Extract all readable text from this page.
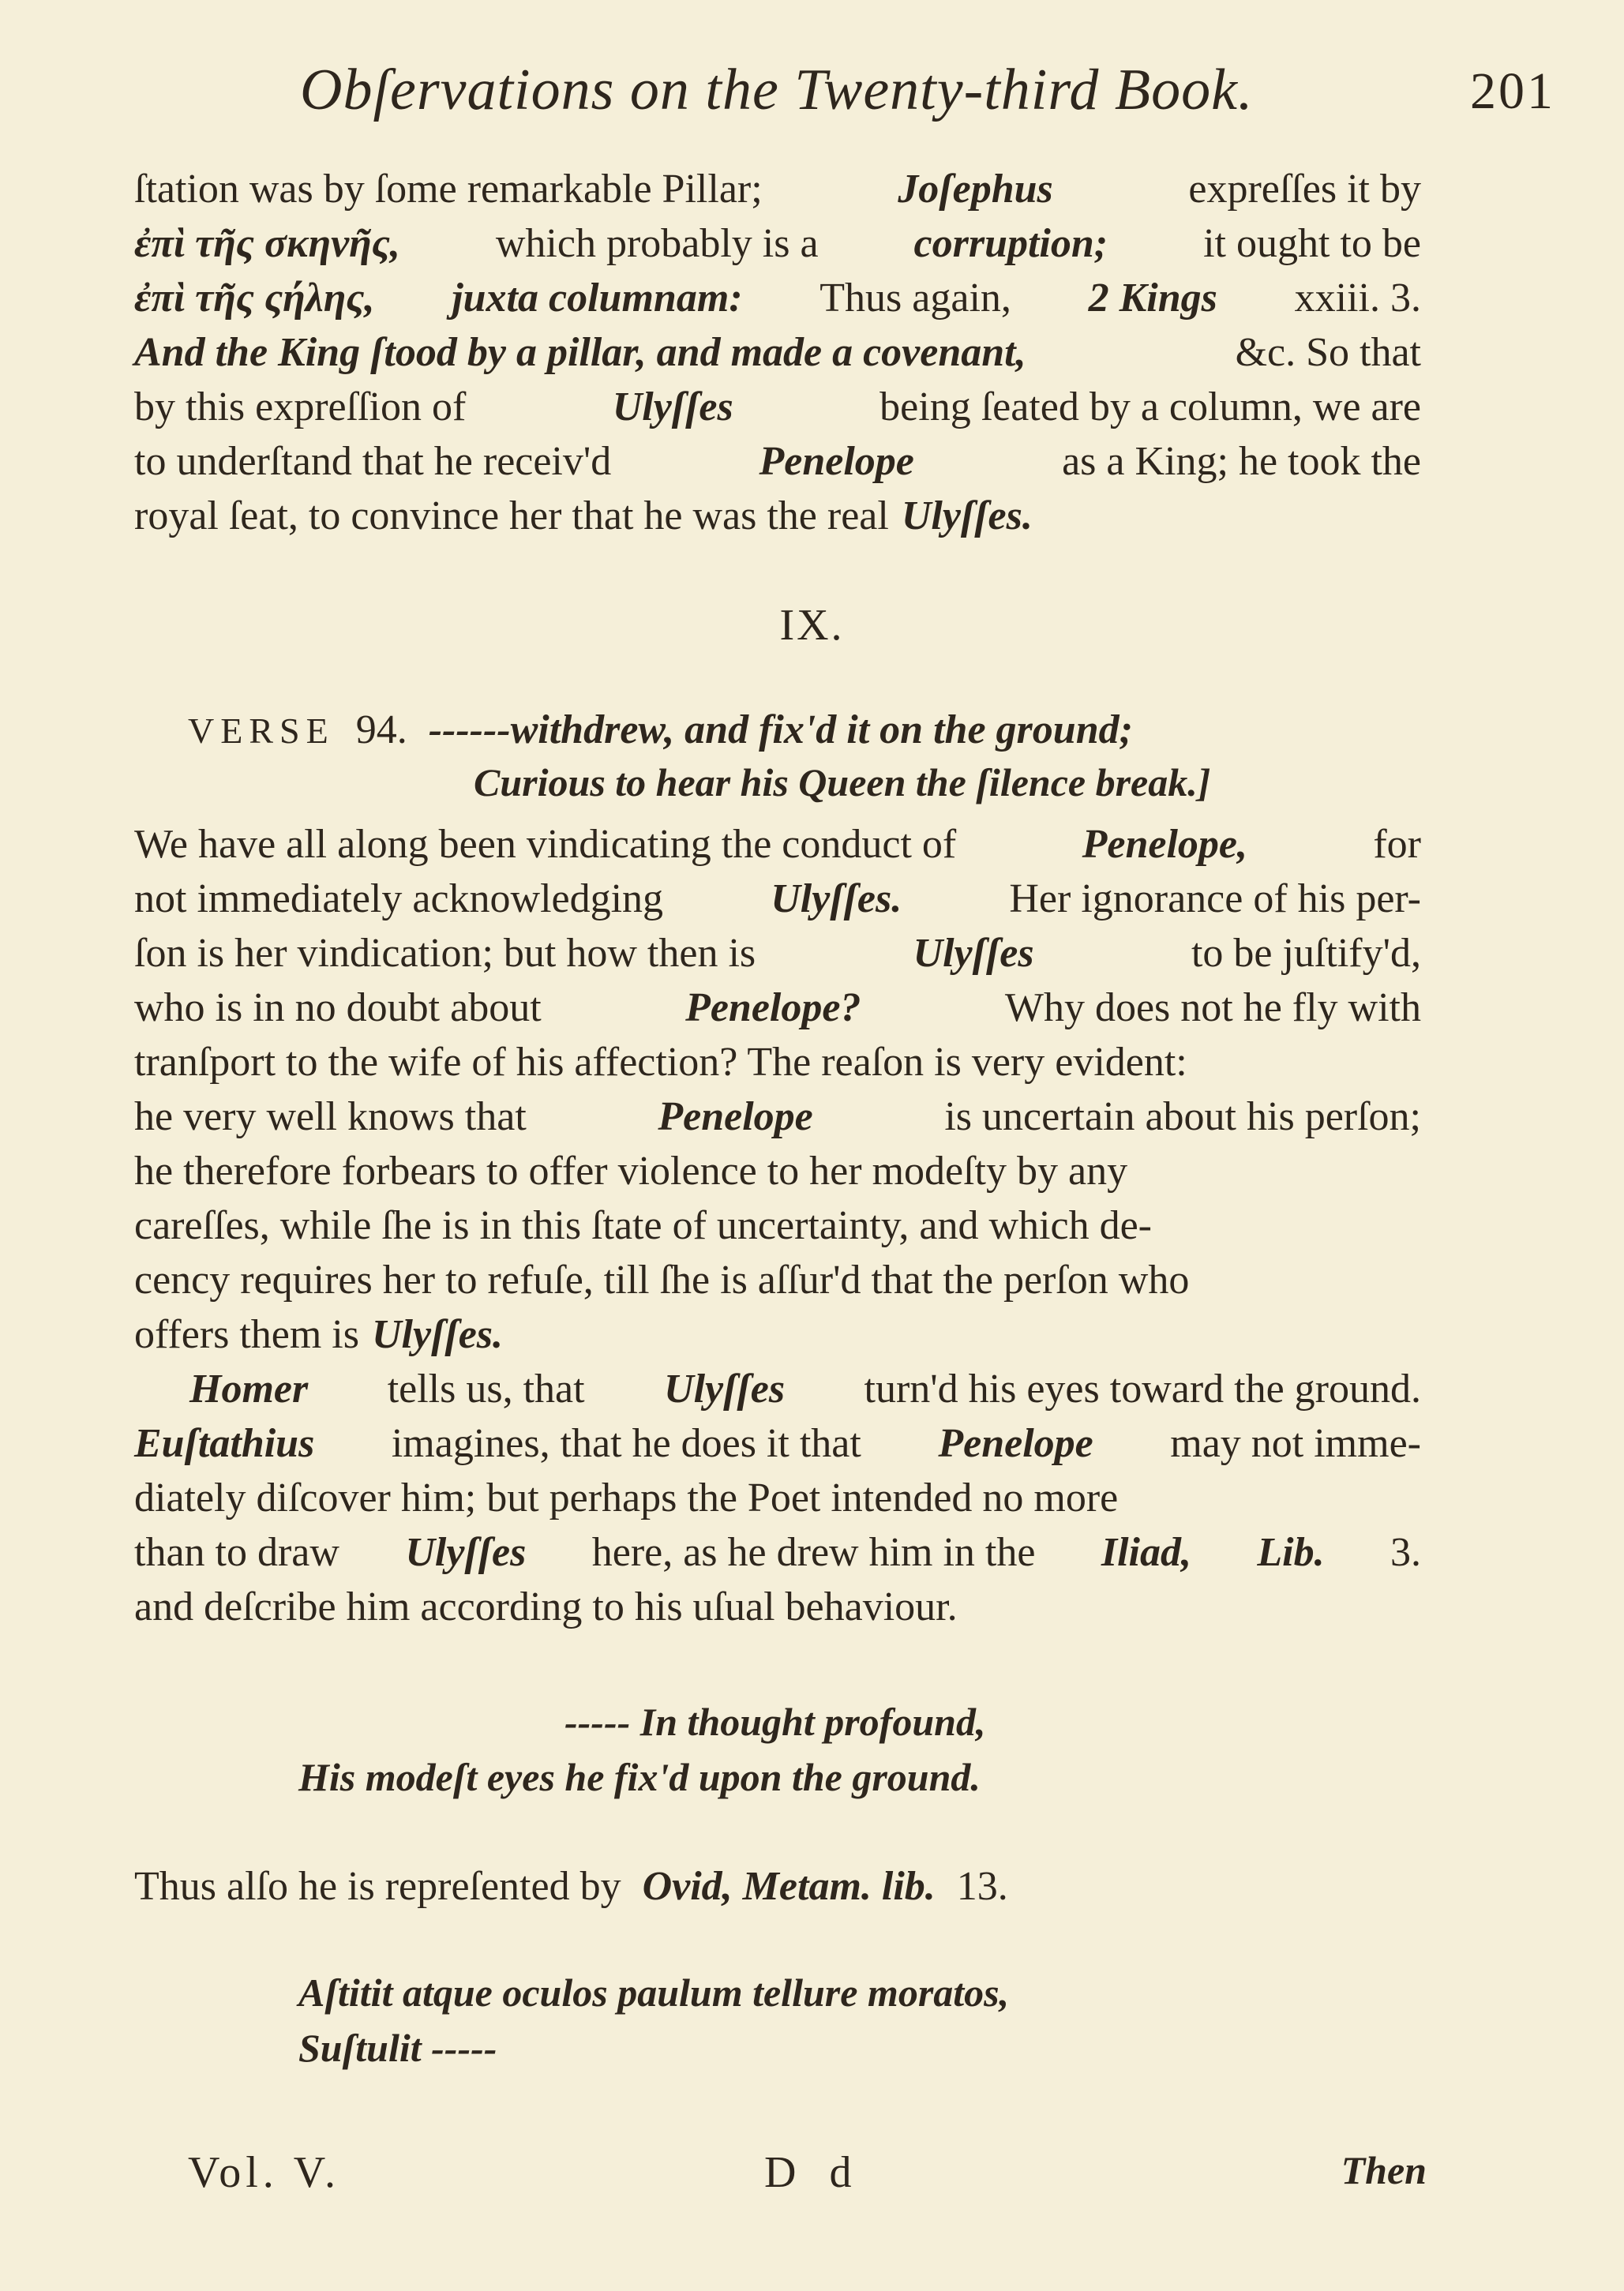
Obſervations on the Twenty-third Book.	201
ſtation was by ſome remarkable Pillar;	Joſephus	expreſſes it by
ἐπὶ τῆς σκηνῆς, which probably is a corruption; it ought to be
ἐπὶ τῆς ςήλης, juxta columnam: Thus again, 2 Kings xxiii. 3.
And the King ſtood by a pillar, and made a covenant,	&c. So that
by this expreſſion of	Ulyſſes	being ſeated by a column, we are
to underſtand that he receiv'd	Penelope	as a King; he took the
royal ſeat, to convince her that he was the real Ulyſſes.
IX.
VERSE 94. ------withdrew, and fix'd it on the ground;
Curious to hear his Queen the ſilence break.]
We have all along been vindicating the conduct of	Penelope,	for
not immediately acknowledging	Ulyſſes.	Her ignorance of his per-
ſon is her vindication; but how then is	Ulyſſes	to be juſtify'd,
who is in no doubt about	Penelope?	Why does not he fly with
tranſport to the wife of his affection? The reaſon is very evident:
he very well knows that	Penelope	is uncertain about his perſon;
he therefore forbears to offer violence to her modeſty by any
careſſes, while ſhe is in this ſtate of uncertainty, and which de-
cency requires her to refuſe, till ſhe is aſſur'd that the perſon who
offers them is Ulyſſes.
Homer tells us, that Ulyſſes turn'd his eyes toward the ground.
Euſtathius imagines, that he does it that Penelope may not imme-
diately diſcover him; but perhaps the Poet intended no more
than to draw Ulyſſes here, as he drew him in the Iliad, Lib. 3.
and deſcribe him according to his uſual behaviour.
----- In thought profound,
His modeſt eyes he fix'd upon the ground.
Thus alſo he is repreſented by Ovid, Metam. lib. 13.
Aſtitit atque oculos paulum tellure moratos,
Suſtulit -----
Vol. V.	D d	Then
